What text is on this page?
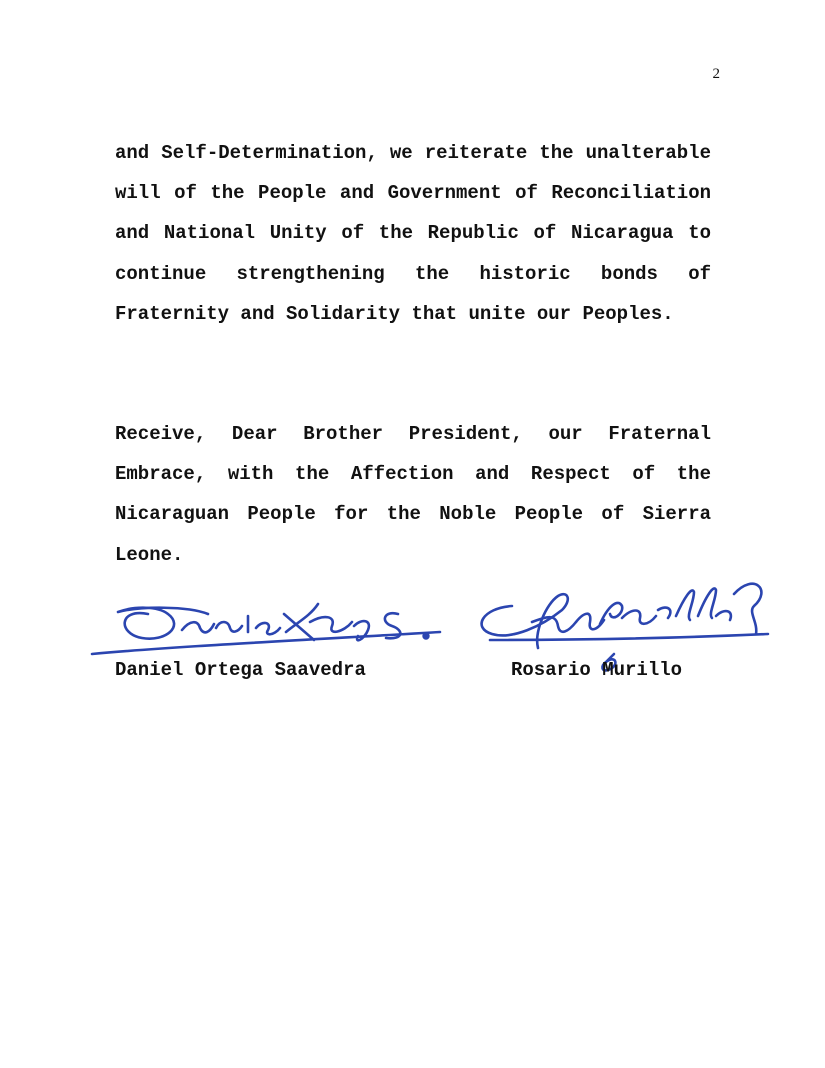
2

and Self-Determination, we reiterate the unalterable will of the People and Government of Reconciliation and National Unity of the Republic of Nicaragua to continue strengthening the historic bonds of Fraternity and Solidarity that unite our Peoples.

Receive, Dear Brother President, our Fraternal Embrace, with the Affection and Respect of the Nicaraguan People for the Noble People of Sierra Leone.

Daniel Ortega Saavedra	Rosario Murillo
